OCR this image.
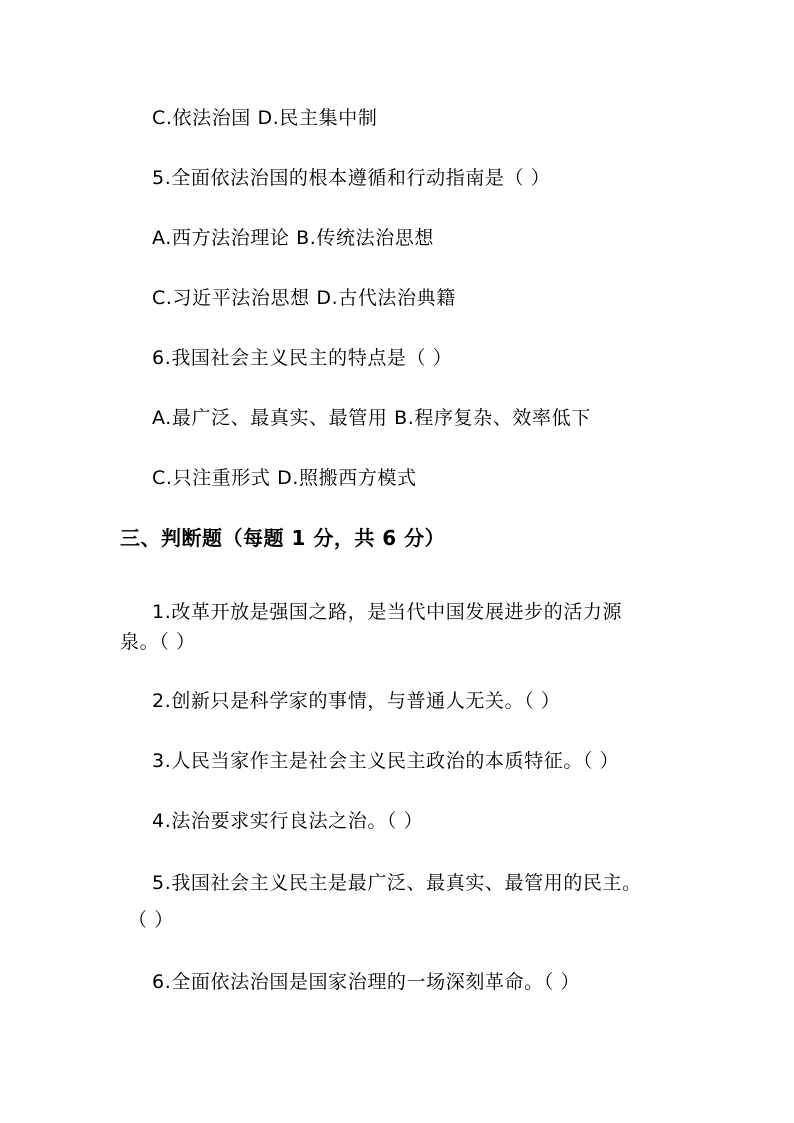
C.依法治国 D.民主集中制
5.全面依法治国的根本遵循和行动指南是（ ）
A.西方法治理论 B.传统法治思想
C.习近平法治思想 D.古代法治典籍
6.我国社会主义民主的特点是（ ）
A.最广泛、最真实、最管用 B.程序复杂、效率低下
C.只注重形式 D.照搬西方模式
三、判断题（每题 1 分，共 6 分）
1.改革开放是强国之路，是当代中国发展进步的活力源
泉。（ ）
2.创新只是科学家的事情，与普通人无关。（ ）
3.人民当家作主是社会主义民主政治的本质特征。（ ）
4.法治要求实行良法之治。（ ）
5.我国社会主义民主是最广泛、最真实、最管用的民主。
（ ）
6.全面依法治国是国家治理的一场深刻革命。（ ）
